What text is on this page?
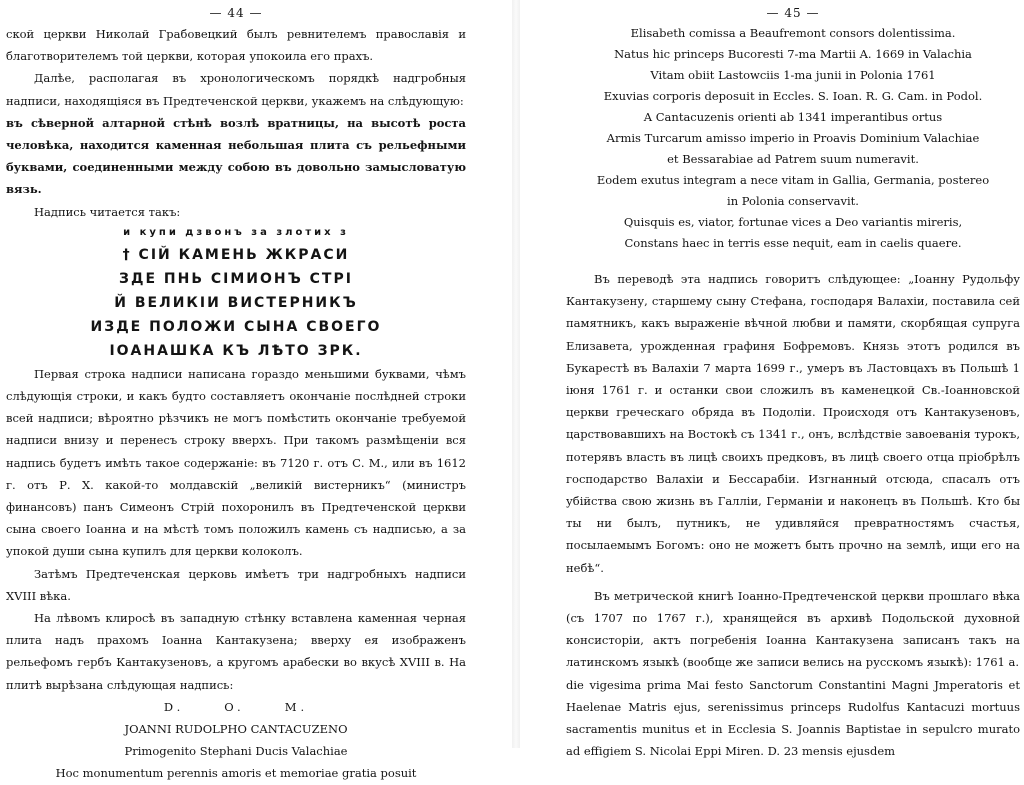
— 44 —

ской церкви Николай Грабовецкий былъ ревнителемъ православія и благотворителемъ той церкви, которая упокоила его прахъ.

Далѣе, располагая въ хронологическомъ порядкѣ надгробныя надписи, находящіяся въ Предтеченской церкви, укажемъ на слѣдующую:

въ сѣверной алтарной стѣнѣ возлѣ вратницы, на высотѣ роста человѣка, находится каменная небольшая плита съ рельефными буквами, соединенными между собою въ довольно замысловатую вязь.

Надпись читается такъ:

и купи дзвонъ за злотих з

† СІЙ КАМЕНЬ ЖКРАСИ

ЗДЕ ПНЬ СІМИОНЪ СТРІ

Й ВЕЛИКІИ ВИСТЕРНИКЪ

ИЗДЕ ПОЛОЖИ СЫНА СВОЕГО

ІОАНАШКА КЪ ЛѢТО ЗРК.

Первая строка надписи написана гораздо меньшими буквами, чѣмъ слѣдующія строки, и какъ будто составляетъ окончаніе послѣдней строки всей надписи; вѣроятно рѣзчикъ не могъ помѣстить окончаніе требуемой надписи внизу и перенесъ строку вверхъ. При такомъ размѣщеніи вся надпись будетъ имѣть такое содержаніе: въ 7120 г. отъ С. М., или въ 1612 г. отъ Р. Х. какой-то молдавскій „великій вистерникъ“ (министръ финансовъ) панъ Симеонъ Стрій похоронилъ въ Предтеченской церкви сына своего Іоанна и на мѣстѣ томъ положилъ камень съ надписью, а за упокой души сына купилъ для церкви колоколъ.

Затѣмъ Предтеченская церковь имѣетъ три надгробныхъ надписи XVIII вѣка.

На лѣвомъ клиросѣ въ западную стѣнку вставлена каменная черная плита надъ прахомъ Іоанна Кантакузена; вверху ея изображенъ рельефомъ гербъ Кантакузеновъ, а кругомъ арабески во вкусѣ XVIII в. На плитѣ вырѣзана слѣдующая надпись:

D.	O.	M.

JOANNI RUDOLPHO CANTACUZENO

Primogenito Stephani Ducis Valachiae

Hoc monumentum perennis amoris et memoriae gratia posuit

— 45 —

Elisabeth comissa a Beaufremont consors dolentissima.

Natus hic princeps Bucoresti 7-ma Martii A. 1669 in Valachia

Vitam obiit Lastowciis 1-ma junii in Polonia 1761

Exuvias corporis deposuit in Eccles. S. Ioan. R. G. Cam. in Podol.

A Cantacuzenis orienti ab 1341 imperantibus ortus

Armis Turcarum amisso imperio in Proavis Dominium Valachiae

et Bessarabiae ad Patrem suum numeravit.

Eodem exutus integram a nece vitam in Gallia, Germania, postereo

in Polonia conservavit.

Quisquis es, viator, fortunae vices a Deo variantis mireris,

Constans haec in terris esse nequit, eam in caelis quaere.

Въ переводѣ эта надпись говоритъ слѣдующее: „Іоанну Рудольфу Кантакузену, старшему сыну Стефана, господаря Валахіи, поставила сей памятникъ, какъ выраженіе вѣчной любви и памяти, скорбящая супруга Елизавета, урожденная графиня Бофремовъ. Князь этотъ родился въ Букарестѣ въ Валахіи 7 марта 1699 г., умеръ въ Ластовцахъ въ Польшѣ 1 іюня 1761 г. и останки свои сложилъ въ каменецкой Св.-Іоанновской церкви греческаго обряда въ Подоліи. Происходя отъ Кантакузеновъ, царствовавшихъ на Востокѣ съ 1341 г., онъ, вслѣдствіе завоеванія турокъ, потерявъ власть въ лицѣ своихъ предковъ, въ лицѣ своего отца пріобрѣлъ господарство Валахіи и Бессарабіи. Изгнанный отсюда, спасалъ отъ убійства свою жизнь въ Галліи, Германіи и наконецъ въ Польшѣ. Кто бы ты ни былъ, путникъ, не удивляйся превратностямъ счастья, посылаемымъ Богомъ: оно не можетъ быть прочно на землѣ, ищи его на небѣ“.

Въ метрической книгѣ Іоанно-Предтеченской церкви прошлаго вѣка (съ 1707 по 1767 г.), хранящейся въ архивѣ Подольской духовной консисторіи, актъ погребенія Іоанна Кантакузена записанъ такъ на латинскомъ языкѣ (вообще же записи велись на русскомъ языкѣ): 1761 a.

die vigesima prima Mai festo Sanctorum Constantini Magni Jmperatoris et Haelenae Matris ejus, serenissimus princeps Rudolfus Kantacuzi mortuus sacramentis munitus et in Ecclesia S. Joannis Baptistae in sepulcro murato ad effigiem S. Nicolai Eppi Miren. D. 23 mensis ejusdem
